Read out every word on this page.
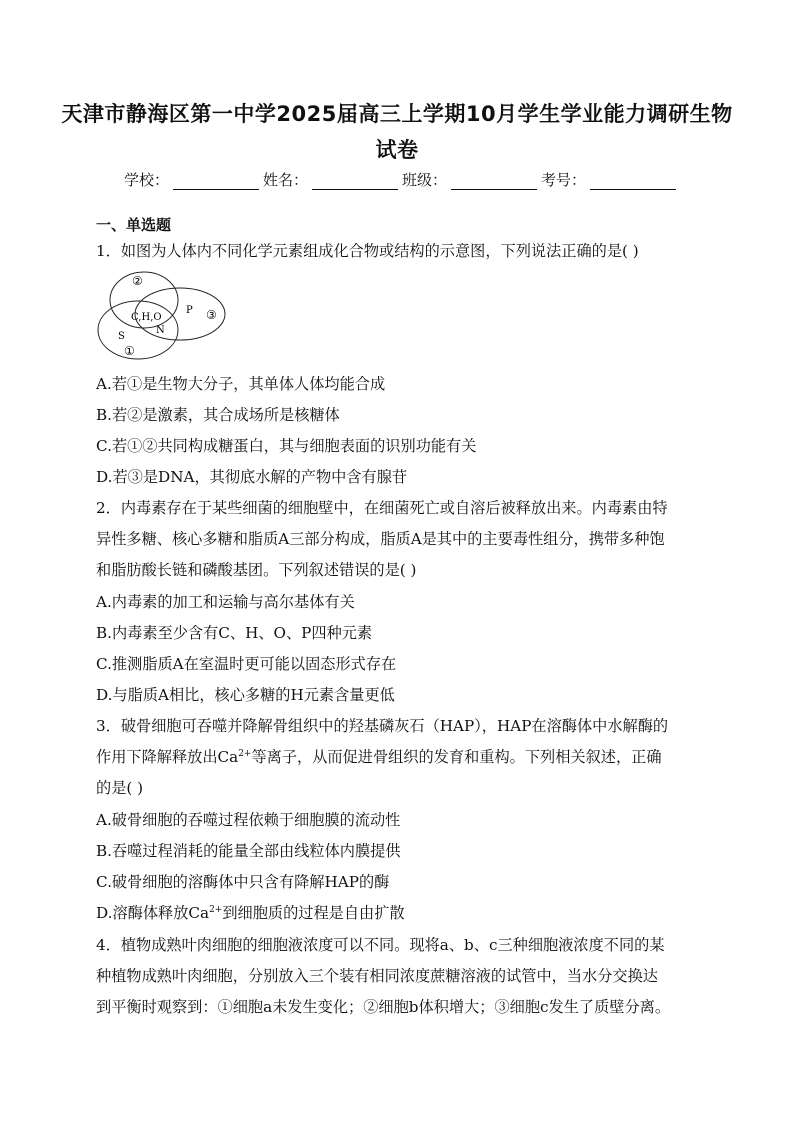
天津市静海区第一中学2025届高三上学期10月学生学业能力调研生物
试卷
学校：	姓名：	班级：	考号：
一、单选题
1．如图为人体内不同化学元素组成化合物或结构的示意图，下列说法正确的是( )
②
③
①
C,H,O
P
N
S
A.若①是生物大分子，其单体人体均能合成
B.若②是激素，其合成场所是核糖体
C.若①②共同构成糖蛋白，其与细胞表面的识别功能有关
D.若③是DNA，其彻底水解的产物中含有腺苷
2．内毒素存在于某些细菌的细胞壁中，在细菌死亡或自溶后被释放出来。内毒素由特
异性多糖、核心多糖和脂质A三部分构成，脂质A是其中的主要毒性组分，携带多种饱
和脂肪酸长链和磷酸基团。下列叙述错误的是( )
A.内毒素的加工和运输与高尔基体有关
B.内毒素至少含有C、H、O、P四种元素
C.推测脂质A在室温时更可能以固态形式存在
D.与脂质A相比，核心多糖的H元素含量更低
3．破骨细胞可吞噬并降解骨组织中的羟基磷灰石（HAP），HAP在溶酶体中水解酶的
作用下降解释放出$Ca^{2+}$等离子，从而促进骨组织的发育和重构。下列相关叙述，正确
的是( )
A.破骨细胞的吞噬过程依赖于细胞膜的流动性
B.吞噬过程消耗的能量全部由线粒体内膜提供
C.破骨细胞的溶酶体中只含有降解HAP的酶
D.溶酶体释放$Ca^{2+}$到细胞质的过程是自由扩散
4．植物成熟叶肉细胞的细胞液浓度可以不同。现将a、b、c三种细胞液浓度不同的某
种植物成熟叶肉细胞，分别放入三个装有相同浓度蔗糖溶液的试管中，当水分交换达
到平衡时观察到：①细胞a未发生变化；②细胞b体积增大；③细胞c发生了质壁分离。
